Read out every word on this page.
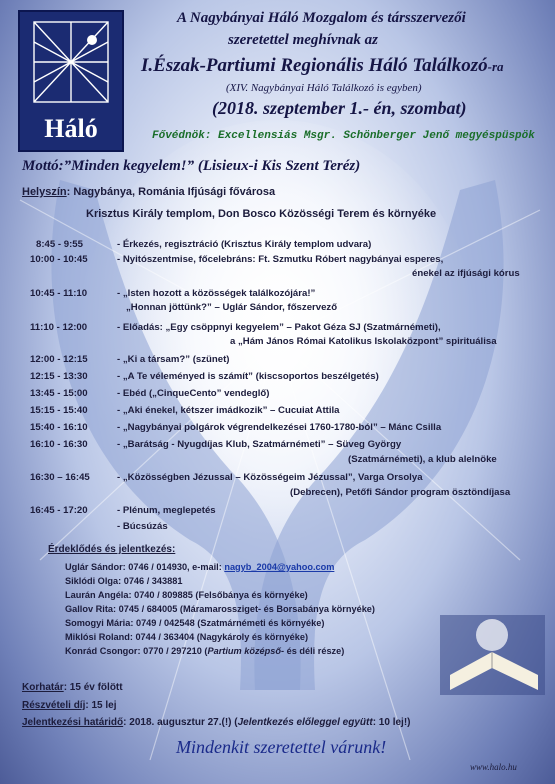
Háló
A Nagybányai Háló Mozgalom és társszervezői
szeretettel meghívnak az
I.Észak-Partiumi Regionális Háló Találkozó-ra
(XIV. Nagybányai Háló Találkozó is egyben)
(2018. szeptember 1.- én, szombat)
Fővédnök: Excellensiás Msgr. Schönberger Jenő megyéspüspök
Mottó:”Minden kegyelem!” (Lisieux-i Kis Szent Teréz)
Helyszín: Nagybánya, Románia Ifjúsági fővárosa
Krisztus Király templom, Don Bosco Közösségi Terem és környéke
8:45 - 9:55	- Érkezés, regisztráció (Krisztus Király templom udvara)
10:00 - 10:45	- Nyitószentmise, főcelebráns: Ft. Szmutku Róbert nagybányai esperes,
énekel az ifjúsági kórus
10:45 - 11:10	- „Isten hozott a közösségek találkozójára!”
„Honnan jöttünk?” – Uglár Sándor, főszervező
11:10 - 12:00	- Előadás: „Egy csöppnyi kegyelem” – Pakot Géza SJ (Szatmárnémeti),
a „Hám János Római Katolikus Iskolaközpont” spirituálisa
12:00 - 12:15	- „Ki a társam?” (szünet)
12:15 - 13:30	- „A Te véleményed is számít” (kiscsoportos beszélgetés)
13:45 - 15:00	- Ebéd („CinqueCento” vendeglő)
15:15 - 15:40	- „Aki énekel, kétszer imádkozik” – Cucuiat Attila
15:40 - 16:10	- „Nagybányai polgárok végrendelkezései 1760-1780-ból” – Mánc Csilla
16:10 - 16:30	- „Barátság - Nyugdíjas Klub, Szatmárnémeti” – Süveg György
(Szatmárnémeti), a klub alelnöke
16:30 – 16:45	- „Közösségben Jézussal – Közösségeim Jézussal”, Varga Orsolya
(Debrecen), Petőfi Sándor program ösztöndíjasa
16:45 - 17:20	- Plénum, meglepetés
- Búcsúzás
Érdeklődés és jelentkezés:
Uglár Sándor: 0746 / 014930, e-mail: nagyb_2004@yahoo.com
Siklódi Olga: 0746 / 343881
Laurán Angéla: 0740 / 809885 (Felsőbánya és környéke)
Gallov Rita: 0745 / 684005 (Máramarossziget- és Borsabánya környéke)
Somogyi Mária: 0749 / 042548 (Szatmárnémeti és környéke)
Miklósi Roland: 0744 / 363404 (Nagykároly és környéke)
Konrád Csongor: 0770 / 297210 (Partium középső- és déli része)
Korhatár: 15 év fölött
Részvételi díj: 15 lej
Jelentkezési határidő: 2018. augusztur 27.(!) (Jelentkezés előleggel együtt: 10 lej!)
Mindenkit szeretettel várunk!
www.halo.hu
